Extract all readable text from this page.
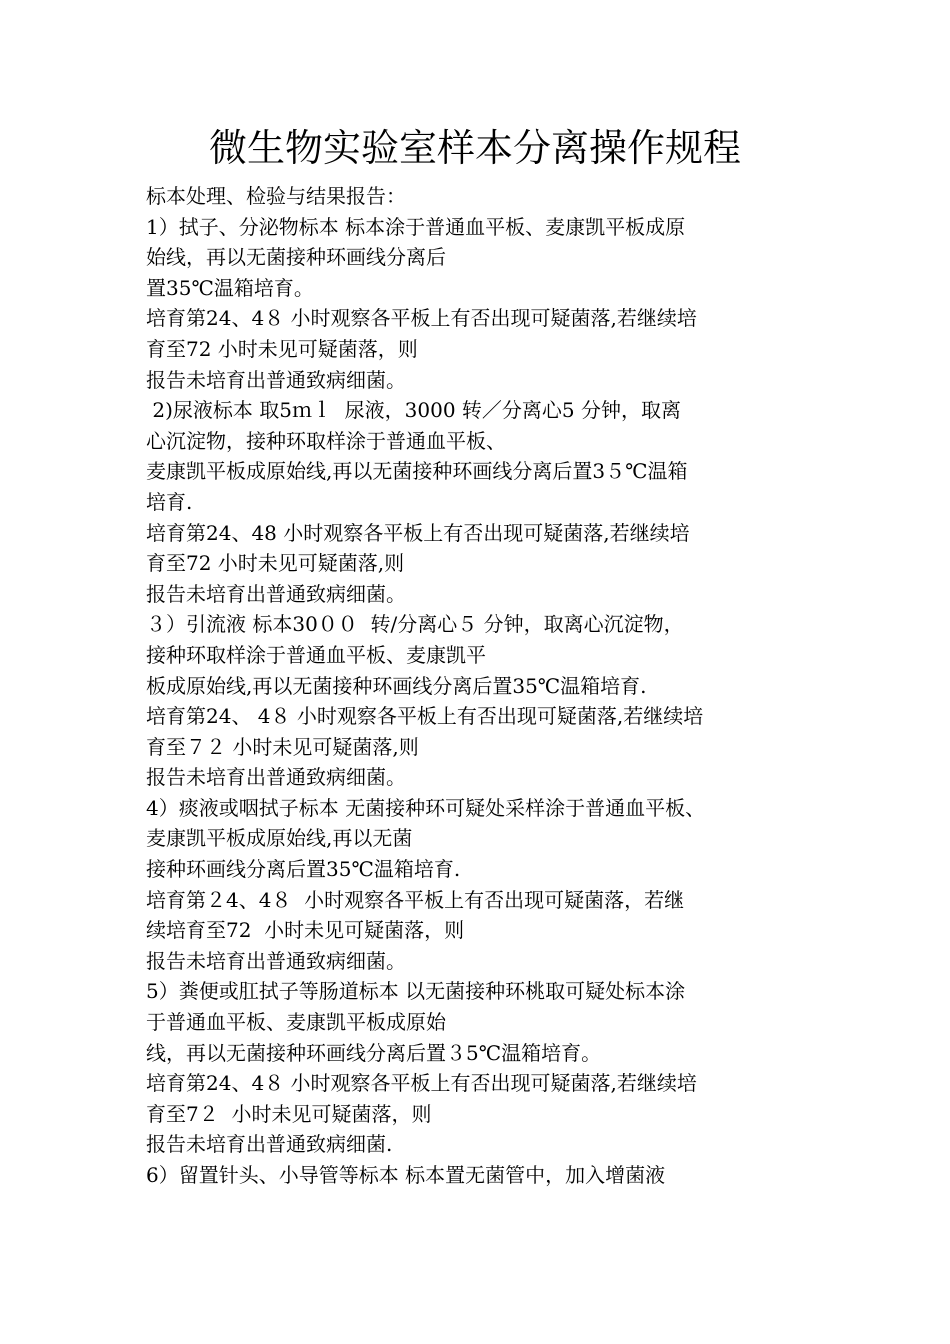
微生物实验室样本分离操作规程
标本处理、检验与结果报告：
1）拭子、分泌物标本 标本涂于普通血平板、麦康凯平板成原
始线，再以无菌接种环画线分离后
置35℃温箱培育。
培育第24、4８ 小时观察各平板上有否出现可疑菌落,若继续培
育至72 小时未见可疑菌落，则
报告未培育出普通致病细菌。
2)尿液标本 取5ｍｌ  尿液，3000 转／分离心5 分钟，取离
心沉淀物，接种环取样涂于普通血平板、
麦康凯平板成原始线,再以无菌接种环画线分离后置3５℃温箱
培育.
培育第24、48 小时观察各平板上有否出现可疑菌落,若继续培
育至72 小时未见可疑菌落,则
报告未培育出普通致病细菌。
３）引流液 标本30００  转/分离心５ 分钟，取离心沉淀物，
接种环取样涂于普通血平板、麦康凯平
板成原始线,再以无菌接种环画线分离后置35℃温箱培育.
培育第24、 4８ 小时观察各平板上有否出现可疑菌落,若继续培
育至７２ 小时未见可疑菌落,则
报告未培育出普通致病细菌。
4）痰液或咽拭子标本 无菌接种环可疑处采样涂于普通血平板、
麦康凯平板成原始线,再以无菌
接种环画线分离后置35℃温箱培育.
培育第２4、4８  小时观察各平板上有否出现可疑菌落，若继
续培育至72  小时未见可疑菌落，则
报告未培育出普通致病细菌。
5）粪便或肛拭子等肠道标本 以无菌接种环桃取可疑处标本涂
于普通血平板、麦康凯平板成原始
线，再以无菌接种环画线分离后置３5℃温箱培育。
培育第24、4８ 小时观察各平板上有否出现可疑菌落,若继续培
育至7２  小时未见可疑菌落，则
报告未培育出普通致病细菌.
6）留置针头、小导管等标本 标本置无菌管中，加入增菌液
